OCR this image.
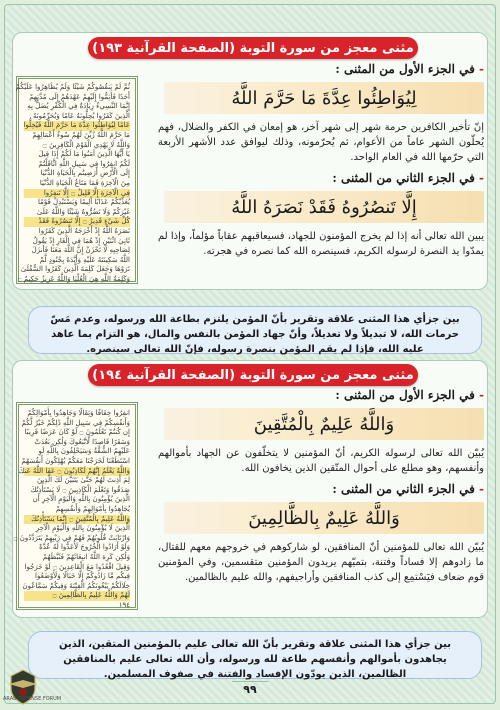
مثنى معجز من سورة التوبة (الصفحة القرآنية ١٩٣)
ثُمَّ لَمْ يَنقُصُوكُمْ شَيْئًا وَلَمْ يُظَاهِرُوا عَلَيْكُمْ
أَحَدًا فَأَتِمُّوا إِلَيْهِمْ عَهْدَهُمْ إِلَى مُدَّتِهِمْ
إِنَّمَا النَّسِيءُ زِيَادَةٌ فِي الْكُفْرِ يُضَلُّ بِهِ
الَّذِينَ كَفَرُوا يُحِلُّونَهُ عَامًا وَيُحَرِّمُونَهُ
عَامًا لِيُوَاطِئُوا عِدَّةَ مَا حَرَّمَ اللَّهُ فَيُحِلُّوا
مَا حَرَّمَ اللَّهُ زُيِّنَ لَهُمْ سُوءُ أَعْمَالِهِمْ
وَاللَّهُ لَا يَهْدِي الْقَوْمَ الْكَافِرِينَ ۝
يَا أَيُّهَا الَّذِينَ آمَنُوا مَا لَكُمْ إِذَا قِيلَ
لَكُمُ انفِرُوا فِي سَبِيلِ اللَّهِ اثَّاقَلْتُمْ
إِلَى الْأَرْضِ أَرَضِيتُم بِالْحَيَاةِ الدُّنْيَا
مِنَ الْآخِرَةِ فَمَا مَتَاعُ الْحَيَاةِ الدُّنْيَا
فِي الْآخِرَةِ إِلَّا قَلِيلٌ ۝ إِلَّا تَنفِرُوا
يُعَذِّبْكُمْ عَذَابًا أَلِيمًا وَيَسْتَبْدِلْ قَوْمًا
غَيْرَكُمْ وَلَا تَضُرُّوهُ شَيْئًا وَاللَّهُ عَلَىٰ
كُلِّ شَيْءٍ قَدِيرٌ ۝ إِلَّا تَنصُرُوهُ فَقَدْ
نَصَرَهُ اللَّهُ إِذْ أَخْرَجَهُ الَّذِينَ كَفَرُوا
ثَانِيَ اثْنَيْنِ إِذْ هُمَا فِي الْغَارِ إِذْ يَقُولُ
لِصَاحِبِهِ لَا تَحْزَنْ إِنَّ اللَّهَ مَعَنَا فَأَنزَلَ
اللَّهُ سَكِينَتَهُ عَلَيْهِ وَأَيَّدَهُ بِجُنُودٍ لَّمْ
تَرَوْهَا وَجَعَلَ كَلِمَةَ الَّذِينَ كَفَرُوا السُّفْلَىٰ
وَكَلِمَةُ اللَّهِ هِيَ الْعُلْيَا وَاللَّهُ عَزِيزٌ حَكِيمٌ ۝
- في الجزء الأول من المثنى :
لِيُوَاطِئُوا عِدَّةَ مَا حَرَّمَ اللَّهُ
إنّ تأخير الكافرين حرمة شهر إلى شهر آخر، هو إمعان في الكفر والضلال، فهم يُحلّون الشهر عاماً من الأعوام، ثم يُحرّمونه، وذلك ليوافق عدد الأشهر الأربعة التي حرّمها الله في العام الواحد.
- في الجزء الثاني من المثنى :
إِلَّا تَنصُرُوهُ فَقَدْ نَصَرَهُ اللَّهُ
يبين الله تعالى أنه إذا لم يخرج المؤمنون للجهاد، فسيعاقبهم عقاباً مؤلماً، وإذا لم يمدّوا يد النصرة لرسوله الكريم، فسينصره الله كما نصره في هجرته.
بين جزأي هذا المثنى علاقة وتقرير بأنّ المؤمن يلتزم بطاعة الله ورسوله، وعدم مَسّ حرمات الله، لا تبديلاً ولا تعديلاً، وأنّ جهاد المؤمن بالنفس والمال، هو التزام بما عاهد عليه الله، فإذا لم يقم المؤمن بنصرة رسوله، فإنّ الله تعالى سينصره.
مثنى معجز من سورة التوبة (الصفحة القرآنية ١٩٤)
انفِرُوا خِفَافًا وَثِقَالًا وَجَاهِدُوا بِأَمْوَالِكُمْ
وَأَنفُسِكُمْ فِي سَبِيلِ اللَّهِ ذَٰلِكُمْ خَيْرٌ لَّكُمْ
إِن كُنتُمْ تَعْلَمُونَ ۝ لَوْ كَانَ عَرَضًا قَرِيبًا
وَسَفَرًا قَاصِدًا لَّاتَّبَعُوكَ وَلَٰكِن بَعُدَتْ
عَلَيْهِمُ الشُّقَّةُ وَسَيَحْلِفُونَ بِاللَّهِ لَوِ
اسْتَطَعْنَا لَخَرَجْنَا مَعَكُمْ يُهْلِكُونَ أَنفُسَهُمْ
وَاللَّهُ يَعْلَمُ إِنَّهُمْ لَكَاذِبُونَ ۝ عَفَا اللَّهُ عَنكَ
لِمَ أَذِنتَ لَهُمْ حَتَّىٰ يَتَبَيَّنَ لَكَ الَّذِينَ
صَدَقُوا وَتَعْلَمَ الْكَاذِبِينَ ۝ لَا يَسْتَأْذِنُكَ
الَّذِينَ يُؤْمِنُونَ بِاللَّهِ وَالْيَوْمِ الْآخِرِ أَن
يُجَاهِدُوا بِأَمْوَالِهِمْ وَأَنفُسِهِمْ
وَاللَّهُ عَلِيمٌ بِالْمُتَّقِينَ ۝ إِنَّمَا يَسْتَأْذِنُكَ
الَّذِينَ لَا يُؤْمِنُونَ بِاللَّهِ وَالْيَوْمِ الْآخِرِ
وَارْتَابَتْ قُلُوبُهُمْ فَهُمْ فِي رَيْبِهِمْ يَتَرَدَّدُونَ ۝
وَلَوْ أَرَادُوا الْخُرُوجَ لَأَعَدُّوا لَهُ عُدَّةً
وَلَٰكِن كَرِهَ اللَّهُ انبِعَاثَهُمْ فَثَبَّطَهُمْ
وَقِيلَ اقْعُدُوا مَعَ الْقَاعِدِينَ ۝ لَوْ خَرَجُوا
فِيكُم مَّا زَادُوكُمْ إِلَّا خَبَالًا وَلَأَوْضَعُوا
خِلَالَكُمْ يَبْغُونَكُمُ الْفِتْنَةَ وَفِيكُمْ سَمَّاعُونَ
لَهُمْ وَاللَّهُ عَلِيمٌ بِالظَّالِمِينَ ۝
١٩٤
- في الجزء الأول من المثنى :
وَاللَّهُ عَلِيمٌ بِالْمُتَّقِينَ
يُبيّن الله تعالى لرسوله الكريم، أنّ المؤمنين لا يتخلّفون عن الجهاد بأموالهم وأنفسهم، وهو مطلع على أحوال المتّقين الذين يخافون الله.
- في الجزء الثاني من المثنى :
وَاللَّهُ عَلِيمٌ بِالظَّالِمِينَ
يُبيّن الله تعالى للمؤمنين أنّ المنافقين، لو شاركوهم في خروجهم معهم للقتال، ما زادوهم إلا فساداً وفتنة، بتميّهم يريدون المؤمنين متقسمين، وفي المؤمنين قوم ضعاف فيَسْتمِع إلى كذب المنافقين وأراجيفهم، والله عليم بالظالمين.
بين جزأي هذا المثنى علاقة وتقرير بأنّ الله تعالى عليم بالمؤمنين المتقين، الذين يجاهدون بأموالهم وأنفسهم طاعة لله ورسوله، وأن الله تعالى عليم بالمنافقين الظالمين، الذين يودّون الإفساد والفتنة في صفوف المسلمين.
٩٩
ARAB DEFENSE FORUM
